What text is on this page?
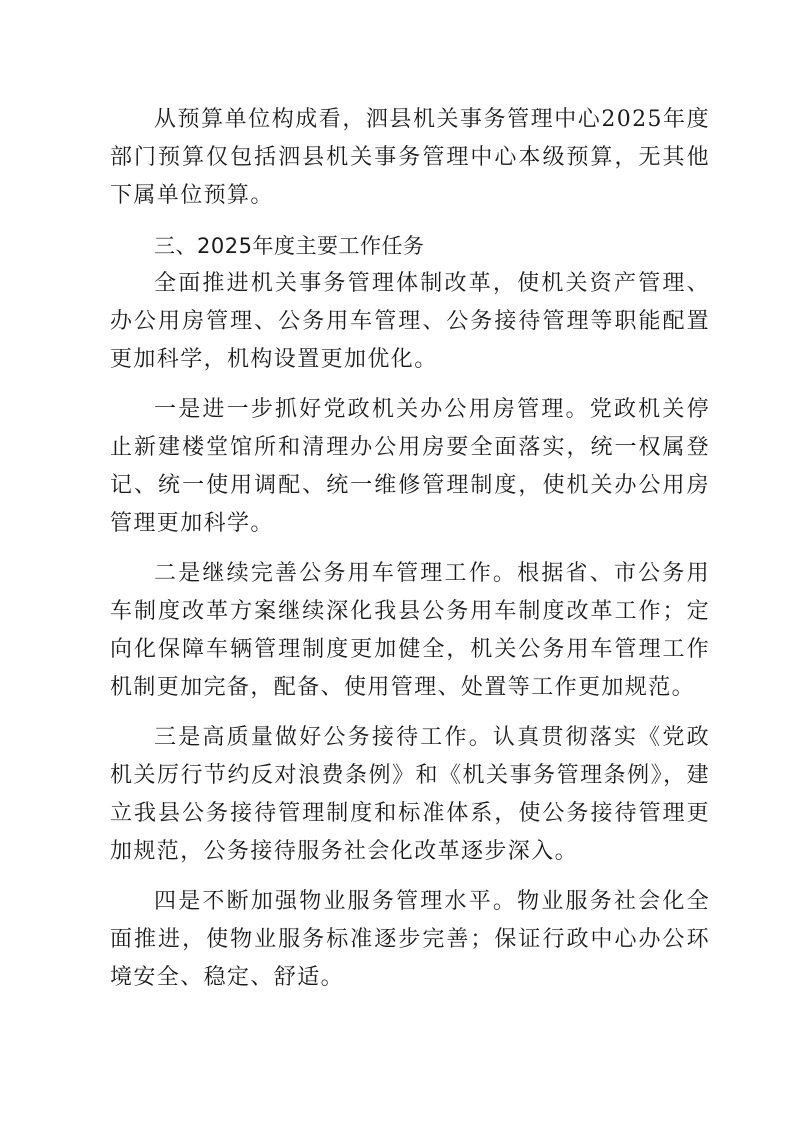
从预算单位构成看，泗县机关事务管理中心2025年度部门预算仅包括泗县机关事务管理中心本级预算，无其他下属单位预算。

三、2025年度主要工作任务

全面推进机关事务管理体制改革，使机关资产管理、办公用房管理、公务用车管理、公务接待管理等职能配置更加科学，机构设置更加优化。

一是进一步抓好党政机关办公用房管理。党政机关停止新建楼堂馆所和清理办公用房要全面落实，统一权属登记、统一使用调配、统一维修管理制度，使机关办公用房管理更加科学。

二是继续完善公务用车管理工作。根据省、市公务用车制度改革方案继续深化我县公务用车制度改革工作；定向化保障车辆管理制度更加健全，机关公务用车管理工作机制更加完备，配备、使用管理、处置等工作更加规范。

三是高质量做好公务接待工作。认真贯彻落实《党政机关厉行节约反对浪费条例》和《机关事务管理条例》，建立我县公务接待管理制度和标准体系，使公务接待管理更加规范，公务接待服务社会化改革逐步深入。

四是不断加强物业服务管理水平。物业服务社会化全面推进，使物业服务标准逐步完善；保证行政中心办公环境安全、稳定、舒适。
